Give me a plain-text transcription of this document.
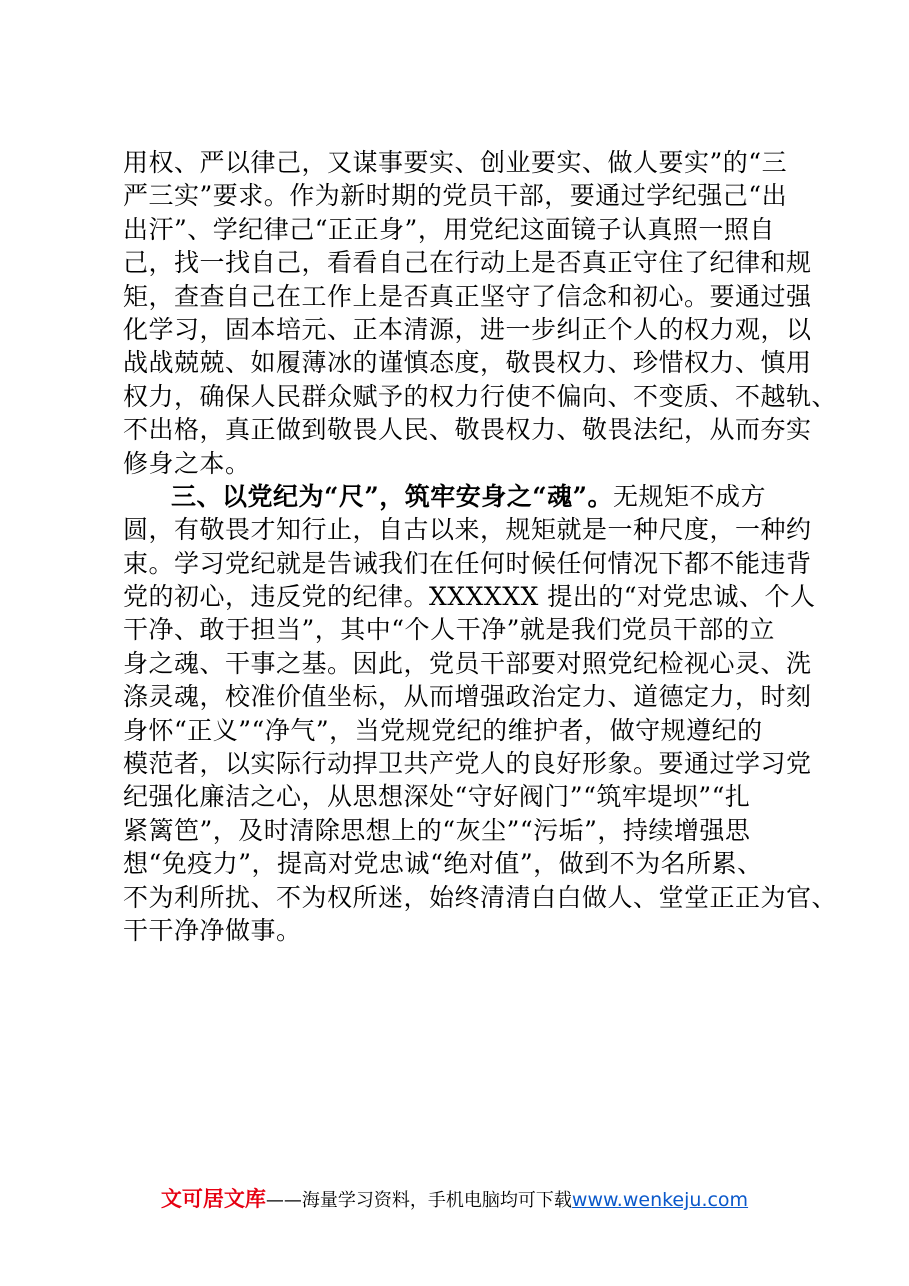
用权、严以律己，又谋事要实、创业要实、做人要实”的“三
严三实”要求。作为新时期的党员干部，要通过学纪强己“出
出汗”、学纪律己“正正身”，用党纪这面镜子认真照一照自
己，找一找自己，看看自己在行动上是否真正守住了纪律和规
矩，查查自己在工作上是否真正坚守了信念和初心。要通过强
化学习，固本培元、正本清源，进一步纠正个人的权力观，以
战战兢兢、如履薄冰的谨慎态度，敬畏权力、珍惜权力、慎用
权力，确保人民群众赋予的权力行使不偏向、不变质、不越轨、
不出格，真正做到敬畏人民、敬畏权力、敬畏法纪，从而夯实
修身之本。
三、以党纪为“尺”，筑牢安身之“魂”。无规矩不成方
圆，有敬畏才知行止，自古以来，规矩就是一种尺度，一种约
束。学习党纪就是告诫我们在任何时候任何情况下都不能违背
党的初心，违反党的纪律。XXXXXX 提出的“对党忠诚、个人
干净、敢于担当”，其中“个人干净”就是我们党员干部的立
身之魂、干事之基。因此，党员干部要对照党纪检视心灵、洗
涤灵魂，校准价值坐标，从而增强政治定力、道德定力，时刻
身怀“正义”“净气”，当党规党纪的维护者，做守规遵纪的
模范者，以实际行动捍卫共产党人的良好形象。要通过学习党
纪强化廉洁之心，从思想深处“守好阀门”“筑牢堤坝”“扎
紧篱笆”，及时清除思想上的“灰尘”“污垢”，持续增强思
想“免疫力”，提高对党忠诚“绝对值”，做到不为名所累、
不为利所扰、不为权所迷，始终清清白白做人、堂堂正正为官、
干干净净做事。
文可居文库——海量学习资料，手机电脑均可下载www.wenkeju.com
